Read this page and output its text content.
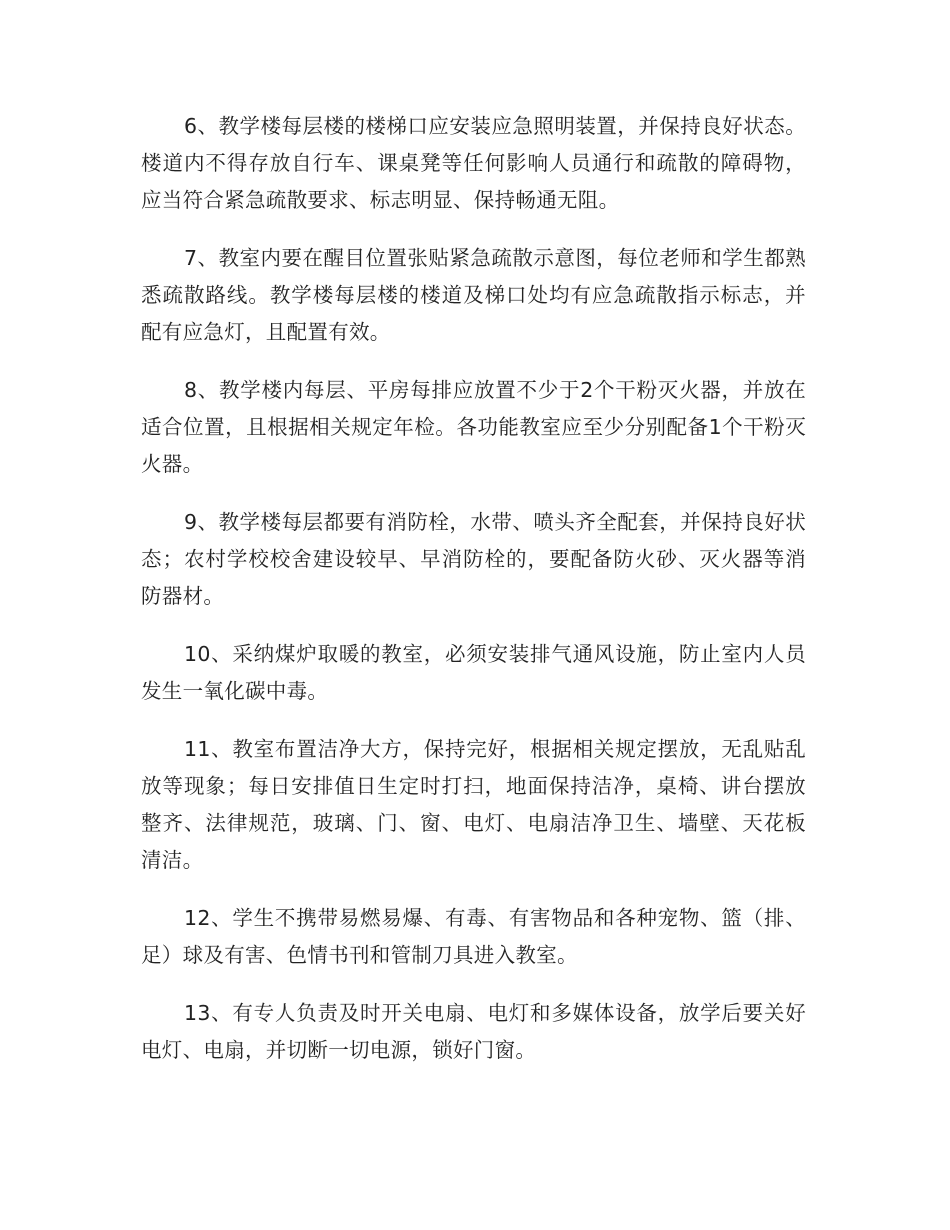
6、教学楼每层楼的楼梯口应安装应急照明装置，并保持良好状态。楼道内不得存放自行车、课桌凳等任何影响人员通行和疏散的障碍物，应当符合紧急疏散要求、标志明显、保持畅通无阻。

7、教室内要在醒目位置张贴紧急疏散示意图，每位老师和学生都熟悉疏散路线。教学楼每层楼的楼道及梯口处均有应急疏散指示标志，并配有应急灯，且配置有效。

8、教学楼内每层、平房每排应放置不少于2个干粉灭火器，并放在适合位置，且根据相关规定年检。各功能教室应至少分别配备1个干粉灭火器。

9、教学楼每层都要有消防栓，水带、喷头齐全配套，并保持良好状态；农村学校校舍建设较早、早消防栓的，要配备防火砂、灭火器等消防器材。

10、采纳煤炉取暖的教室，必须安装排气通风设施，防止室内人员发生一氧化碳中毒。

11、教室布置洁净大方，保持完好，根据相关规定摆放，无乱贴乱放等现象；每日安排值日生定时打扫，地面保持洁净，桌椅、讲台摆放整齐、法律规范，玻璃、门、窗、电灯、电扇洁净卫生、墙壁、天花板清洁。

12、学生不携带易燃易爆、有毒、有害物品和各种宠物、篮（排、足）球及有害、色情书刊和管制刀具进入教室。

13、有专人负责及时开关电扇、电灯和多媒体设备，放学后要关好电灯、电扇，并切断一切电源，锁好门窗。
